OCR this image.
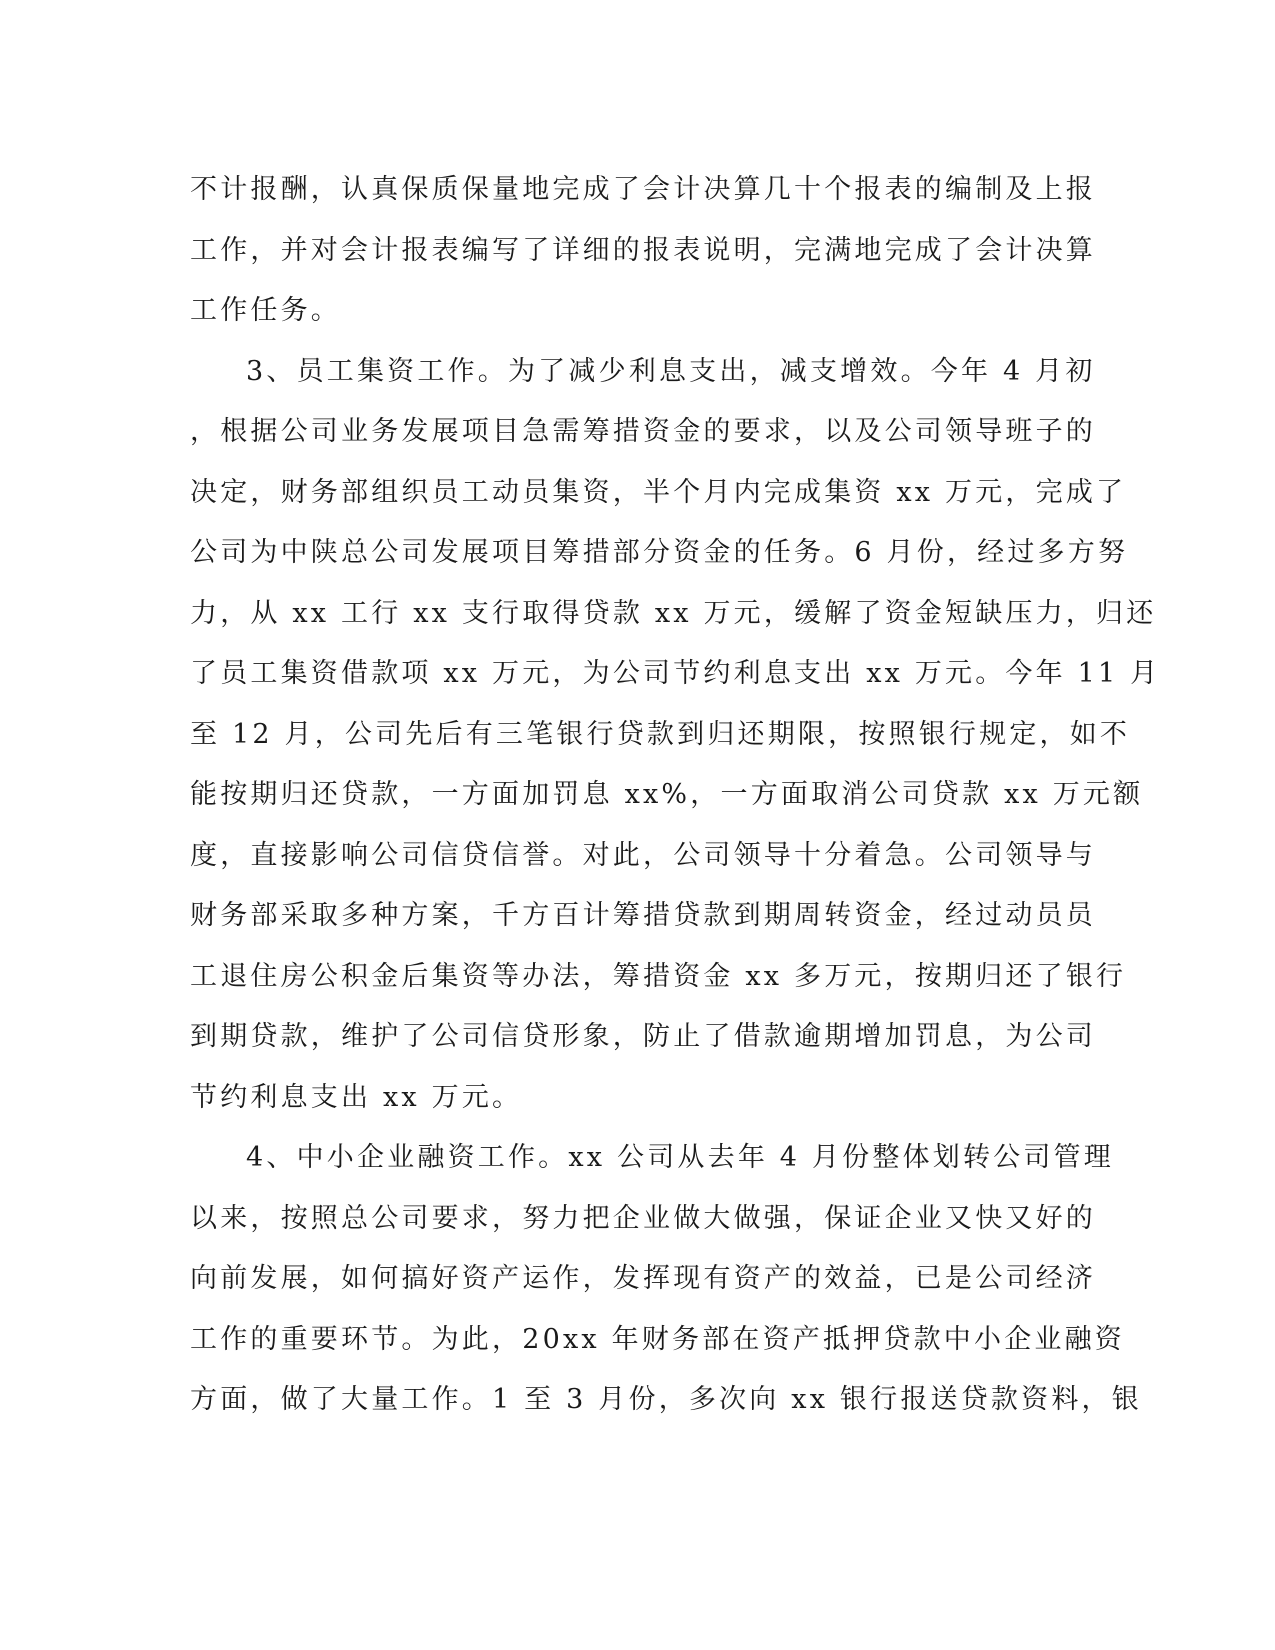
不计报酬，认真保质保量地完成了会计决算几十个报表的编制及上报
工作，并对会计报表编写了详细的报表说明，完满地完成了会计决算
工作任务。
3、员工集资工作。为了减少利息支出，减支增效。今年 4 月初
，根据公司业务发展项目急需筹措资金的要求，以及公司领导班子的
决定，财务部组织员工动员集资，半个月内完成集资 xx 万元，完成了
公司为中陕总公司发展项目筹措部分资金的任务。6 月份，经过多方努
力，从 xx 工行 xx 支行取得贷款 xx 万元，缓解了资金短缺压力，归还
了员工集资借款项 xx 万元，为公司节约利息支出 xx 万元。今年 11 月
至 12 月，公司先后有三笔银行贷款到归还期限，按照银行规定，如不
能按期归还贷款，一方面加罚息 xx%，一方面取消公司贷款 xx 万元额
度，直接影响公司信贷信誉。对此，公司领导十分着急。公司领导与
财务部采取多种方案，千方百计筹措贷款到期周转资金，经过动员员
工退住房公积金后集资等办法，筹措资金 xx 多万元，按期归还了银行
到期贷款，维护了公司信贷形象，防止了借款逾期增加罚息，为公司
节约利息支出 xx 万元。
4、中小企业融资工作。xx 公司从去年 4 月份整体划转公司管理
以来，按照总公司要求，努力把企业做大做强，保证企业又快又好的
向前发展，如何搞好资产运作，发挥现有资产的效益，已是公司经济
工作的重要环节。为此，20xx 年财务部在资产抵押贷款中小企业融资
方面，做了大量工作。1 至 3 月份，多次向 xx 银行报送贷款资料，银
